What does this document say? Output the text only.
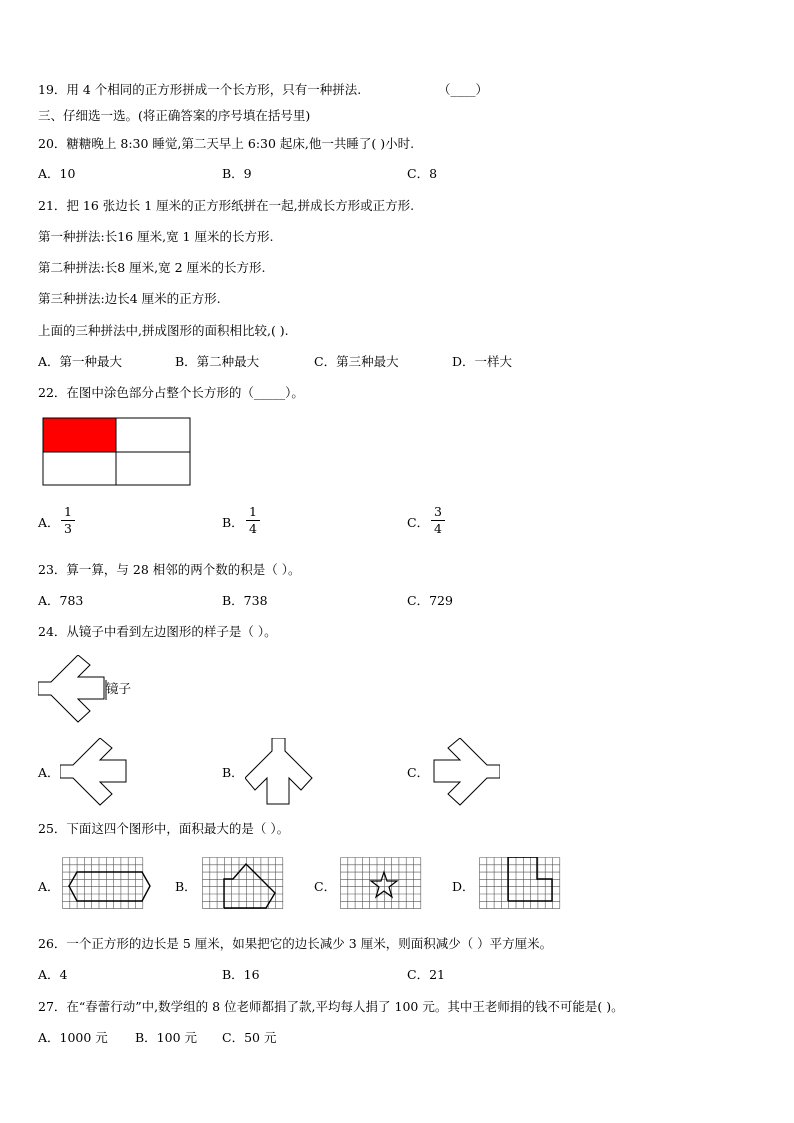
19．用 4 个相同的正方形拼成一个长方形，只有一种拼法.	（____）
三、仔细选一选。(将正确答案的序号填在括号里)
20．糖糖晚上 8:30 睡觉,第二天早上 6:30 起床,他一共睡了( )小时.
A．10	B．9	C．8
21．把 16 张边长 1 厘米的正方形纸拼在一起,拼成长方形或正方形.
第一种拼法:长16 厘米,宽 1 厘米的长方形.
第二种拼法:长8 厘米,宽 2 厘米的长方形.
第三种拼法:边长4 厘米的正方形.
上面的三种拼法中,拼成图形的面积相比较,( ).
A．第一种最大	B．第二种最大	C．第三种最大	D．一样大
22．在图中涂色部分占整个长方形的（_____）。
A．
1
3	B．
1
4	C．
3
4
23．算一算，与 28 相邻的两个数的积是（ ）。
A．783	B．738	C．729
24．从镜子中看到左边图形的样子是（ ）。
镜子
A．	B．	C．
25．下面这四个图形中，面积最大的是（ ）。
A．	B．	C．	D．
26．一个正方形的边长是 5 厘米，如果把它的边长减少 3 厘米，则面积减少（ ）平方厘米。
A．4	B．16	C．21
27．在“春蕾行动”中,数学组的 8 位老师都捐了款,平均每人捐了 100 元。其中王老师捐的钱不可能是( )。
A．1000 元 B．100 元 C．50 元
